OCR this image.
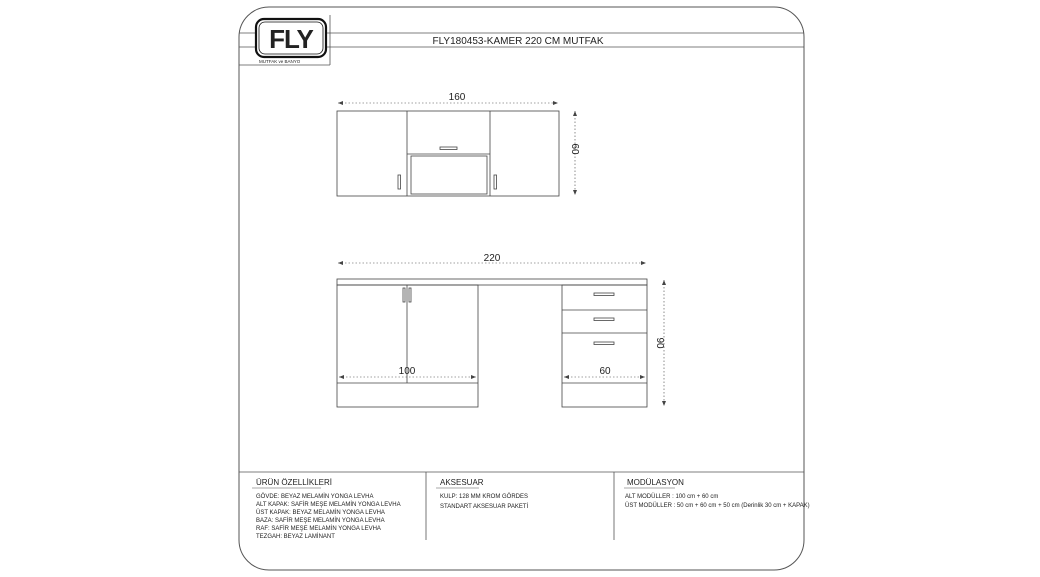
FLY
MUTFAK ve BANYO
FLY180453-KAMER 220 CM MUTFAK
160
60
220
90
100	60
ÜRÜN ÖZELLİKLERİ
GÖVDE: BEYAZ MELAMİN YONGA LEVHA
ALT KAPAK: SAFİR MEŞE MELAMİN YONGA LEVHA
ÜST KAPAK: BEYAZ MELAMİN YONGA LEVHA
BAZA: SAFİR MEŞE MELAMİN YONGA LEVHA
RAF: SAFİR MEŞE MELAMİN YONGA LEVHA
TEZGAH: BEYAZ LAMİNANT
AKSESUAR
KULP: 128 MM KROM GÖRDES
STANDART AKSESUAR PAKETİ
MODÜLASYON
ALT MODÜLLER : 100 cm + 60 cm
ÜST MODÜLLER : 50 cm + 60 cm + 50 cm (Derinlik 30 cm + KAPAK)
